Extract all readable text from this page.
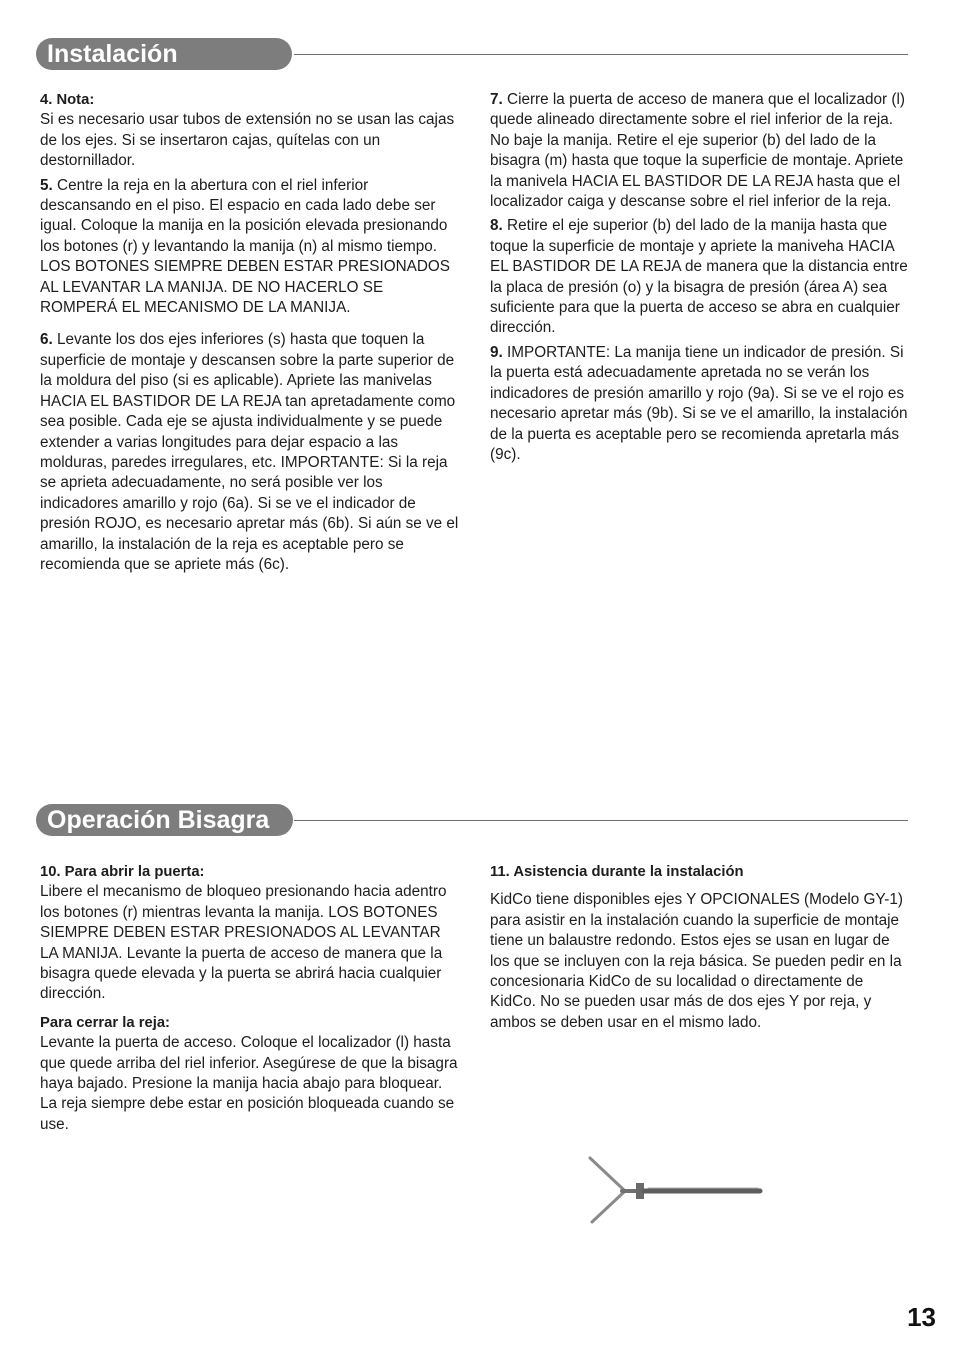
Instalación

4. Nota:
Si es necesario usar tubos de extensión no se usan las cajas de los ejes. Si se insertaron cajas, quítelas con un destornillador.

5. Centre la reja en la abertura con el riel inferior descansando en el piso. El espacio en cada lado debe ser igual. Coloque la manija en la posición elevada presionando los botones (r) y levantando la manija (n) al mismo tiempo. LOS BOTONES SIEMPRE DEBEN ESTAR PRESIONADOS AL LEVANTAR LA MANIJA. DE NO HACERLO SE ROMPERÁ EL MECANISMO DE LA MANIJA.

6. Levante los dos ejes inferiores (s) hasta que toquen la superficie de montaje y descansen sobre la parte superior de la moldura del piso (si es aplicable). Apriete las manivelas HACIA EL BASTIDOR DE LA REJA tan apretadamente como sea posible. Cada eje se ajusta individualmente y se puede extender a varias longitudes para dejar espacio a las molduras, paredes irregulares, etc. IMPORTANTE: Si la reja se aprieta adecuadamente, no será posible ver los indicadores amarillo y rojo (6a). Si se ve el indicador de presión ROJO, es necesario apretar más (6b). Si aún se ve el amarillo, la instalación de la reja es aceptable pero se recomienda que se apriete más (6c).

7. Cierre la puerta de acceso de manera que el localizador (l) quede alineado directamente sobre el riel inferior de la reja. No baje la manija. Retire el eje superior (b) del lado de la bisagra (m) hasta que toque la superficie de montaje. Apriete la manivela HACIA EL BASTIDOR DE LA REJA hasta que el localizador caiga y descanse sobre el riel inferior de la reja.

8. Retire el eje superior (b) del lado de la manija hasta que toque la superficie de montaje y apriete la maniveha HACIA EL BASTIDOR DE LA REJA de manera que la distancia entre la placa de presión (o) y la bisagra de presión (área A) sea suficiente para que la puerta de acceso se abra en cualquier dirección.

9. IMPORTANTE: La manija tiene un indicador de presión. Si la puerta está adecuadamente apretada no se verán los indicadores de presión amarillo y rojo (9a). Si se ve el rojo es necesario apretar más (9b). Si se ve el amarillo, la instalación de la puerta es aceptable pero se recomienda apretarla más (9c).

Operación Bisagra

10. Para abrir la puerta:
Libere el mecanismo de bloqueo presionando hacia adentro los botones (r) mientras levanta la manija. LOS BOTONES SIEMPRE DEBEN ESTAR PRESIONADOS AL LEVANTAR LA MANIJA. Levante la puerta de acceso de manera que la bisagra quede elevada y la puerta se abrirá hacia cualquier dirección.

Para cerrar la reja:
Levante la puerta de acceso. Coloque el localizador (l) hasta que quede arriba del riel inferior. Asegúrese de que la bisagra haya bajado. Presione la manija hacia abajo para bloquear. La reja siempre debe estar en posición bloqueada cuando se use.

11. Asistencia durante la instalación

KidCo tiene disponibles ejes Y OPCIONALES (Modelo GY-1) para asistir en la instalación cuando la superficie de montaje tiene un balaustre redondo. Estos ejes se usan en lugar de los que se incluyen con la reja básica. Se pueden pedir en la concesionaria KidCo de su localidad o directamente de KidCo. No se pueden usar más de dos ejes Y por reja, y ambos se deben usar en el mismo lado.

13
